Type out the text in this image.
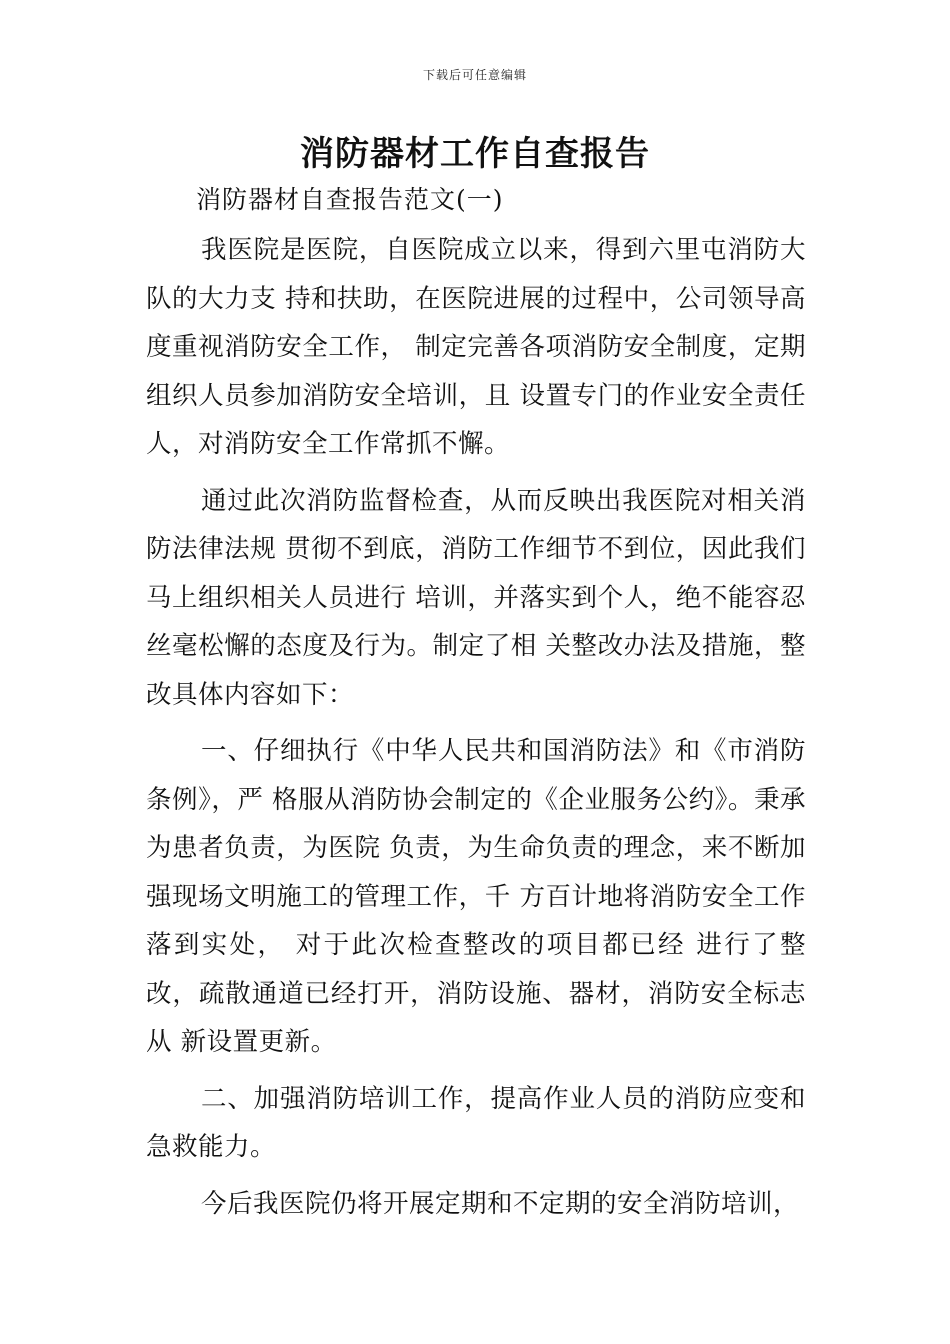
下载后可任意编辑
消防器材工作自查报告
消防器材自查报告范文(一)

我医院是医院，自医院成立以来，得到六里屯消防大队的大力支 持和扶助，在医院进展的过程中，公司领导高度重视消防安全工作， 制定完善各项消防安全制度，定期组织人员参加消防安全培训，且 设置专门的作业安全责任人，对消防安全工作常抓不懈。

通过此次消防监督检查，从而反映出我医院对相关消防法律法规 贯彻不到底，消防工作细节不到位，因此我们马上组织相关人员进行 培训，并落实到个人，绝不能容忍丝毫松懈的态度及行为。制定了相 关整改办法及措施，整改具体内容如下：

一、仔细执行《中华人民共和国消防法》和《市消防条例》，严 格服从消防协会制定的《企业服务公约》。秉承为患者负责，为医院 负责，为生命负责的理念，来不断加强现场文明施工的管理工作，千 方百计地将消防安全工作落到实处， 对于此次检查整改的项目都已经 进行了整改，疏散通道已经打开，消防设施、器材，消防安全标志从 新设置更新。

二、加强消防培训工作，提高作业人员的消防应变和急救能力。

今后我医院仍将开展定期和不定期的安全消防培训，
